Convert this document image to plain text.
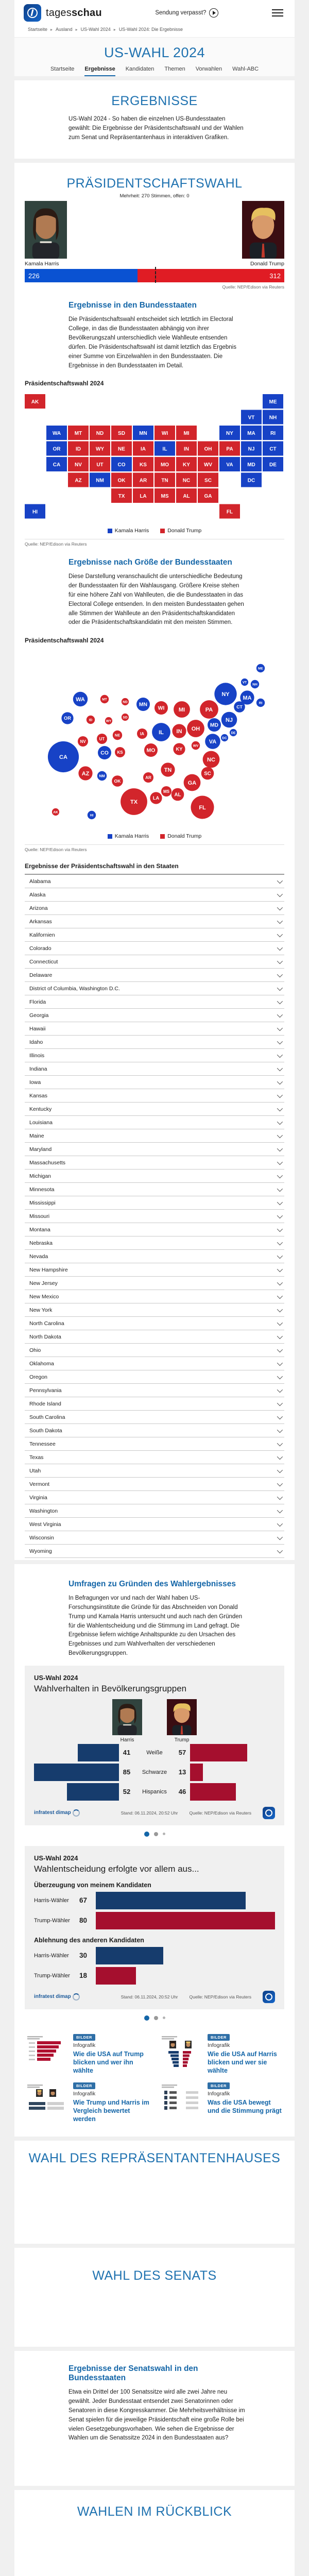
tagesschau	Sendung verpasst?
Startseite ▸ Ausland ▸ US-Wahl 2024 ▸ US-Wahl 2024: Die Ergebnisse
US-WAHL 2024
Startseite Ergebnisse Kandidaten Themen Vorwahlen Wahl-ABC
ERGEBNISSE

US-Wahl 2024 - So haben die einzelnen US-Bundesstaaten gewählt: Die Ergebnisse der Präsidentschaftswahl und der Wahlen zum Senat und Repräsentantenhaus in interaktiven Grafiken.

PRÄSIDENTSCHAFTSWAHL

Mehrheit: 270 Stimmen, offen: 0

Kamala Harris	Donald Trump
226	312
Quelle: NEP/Edison via Reuters
Ergebnisse in den Bundesstaaten

Die Präsidentschaftswahl entscheidet sich letztlich im Electoral College, in das die Bundesstaaten abhängig von ihrer Bevölkerungszahl unterschiedlich viele Wahlleute entsenden dürfen. Die Präsidentschaftswahl ist damit letztlich das Ergebnis einer Summe von Einzelwahlen in den Bundesstaaten. Die Ergebnisse in den Bundesstaaten im Detail.

Präsidentschaftswahl 2024
AK	ME
VT	NH
WA	MT	ND	SD	MN	WI	MI	NY	MA	RI
OR	ID	WY	NE	IA	IL	IN	OH	PA	NJ	CT
CA	NV	UT	CO	KS	MO	KY	WV	VA	MD	DE
AZ	NM	OK	AR	TN	NC	SC	DC
TX	LA	MS	AL	GA
HI	FL
Kamala Harris	Donald Trump
Quelle: NEP/Edison via Reuters
Ergebnisse nach Größe der Bundesstaaten

Diese Darstellung veranschaulicht die unterschiedliche Bedeutung der Bundesstaaten für den Wahlausgang. Größere Kreise stehen für eine höhere Zahl von Wahlleuten, die die Bundesstaaten in das Electoral College entsenden. In den meisten Bundesstaaten gehen alle Stimmen der Wahlleute an den Präsidentschaftskandidaten oder die Präsidentschaftskandidatin mit den meisten Stimmen.

Präsidentschaftswahl 2024
AK
AL
AR
AZ
CA
CO
CT
DC
DE
FL
GA
HI
IA
ID
IL IN
KS
KY
LA
MA
MD
ME
MI
MN
MO
MS
MT
NC
ND
NE
NH
NJ
NM
NV
NY
OH
OK
OR
PA
RI
SC
SD
TN
TX
UT	VA
VT
WA
WV
WI
WY
Kamala Harris	Donald Trump
Quelle: NEP/Edison via Reuters
Ergebnisse der Präsidentschaftswahl in den Staaten
Alabama
Alaska
Arizona
Arkansas
Kalifornien
Colorado
Connecticut
Delaware
District of Columbia, Washington D.C.
Florida
Georgia
Hawaii
Idaho
Illinois
Indiana
Iowa
Kansas
Kentucky
Louisiana
Maine
Maryland
Massachusetts
Michigan
Minnesota
Mississippi
Missouri
Montana
Nebraska
Nevada
New Hampshire
New Jersey
New Mexico
New York
North Carolina
North Dakota
Ohio
Oklahoma
Oregon
Pennsylvania
Rhode Island
South Carolina
South Dakota
Tennessee
Texas
Utah
Vermont
Virginia
Washington
West Virginia
Wisconsin
Wyoming
Umfragen zu Gründen des Wahlergebnisses

In Befragungen vor und nach der Wahl haben US-Forschungsinstitute die Gründe für das Abschneiden von Donald Trump und Kamala Harris untersucht und auch nach den Gründen für die Wahlentscheidung und die Stimmung im Land gefragt. Die Ergebnisse liefern wichtige Anhaltspunkte zu den Ursachen des Ergebnisses und zum Wahlverhalten der verschiedenen Bevölkerungsgruppen.

US-Wahl 2024
Wahlverhalten in Bevölkerungsgruppen
Harris	Trump
41	Weiße	57
85	Schwarze	13
52	Hispanics	46
infratest dimap	Stand: 06.11.2024, 20:52 Uhr	Quelle: NEP/Edison via Reuters
US-Wahl 2024
Wahlentscheidung erfolgte vor allem aus...
Überzeugung von meinem Kandidaten
Harris-Wähler	67
Trump-Wähler	80
Ablehnung des anderen Kandidaten
Harris-Wähler	30
Trump-Wähler	18
infratest dimap	Stand: 06.11.2024, 20:52 Uhr	Quelle: NEP/Edison via Reuters
BILDER
Infografik
Wie die USA auf Trump blicken und wer ihn wählte
BILDER
Infografik
Wie die USA auf Harris blicken und wer sie wählte
BILDER
Infografik
Wie Trump und Harris im Vergleich bewertet werden
BILDER
Infografik
Was die USA bewegt und die Stimmung prägt
WAHL DES REPRÄSENTANTENHAUSES
WAHL DES SENATS
Ergebnisse der Senatswahl in den Bundesstaaten

Etwa ein Drittel der 100 Senatssitze wird alle zwei Jahre neu gewählt. Jeder Bundesstaat entsendet zwei Senatorinnen oder Senatoren in diese Kongresskammer. Die Mehrheitsverhältnisse im Senat spielen für die jeweilige Präsidentschaft eine große Rolle bei vielen Gesetzgebungsvorhaben. Wie sehen die Ergebnisse der Wahlen um die Senatssitze 2024 in den Bundesstaaten aus?

WAHLEN IM RÜCKBLICK
